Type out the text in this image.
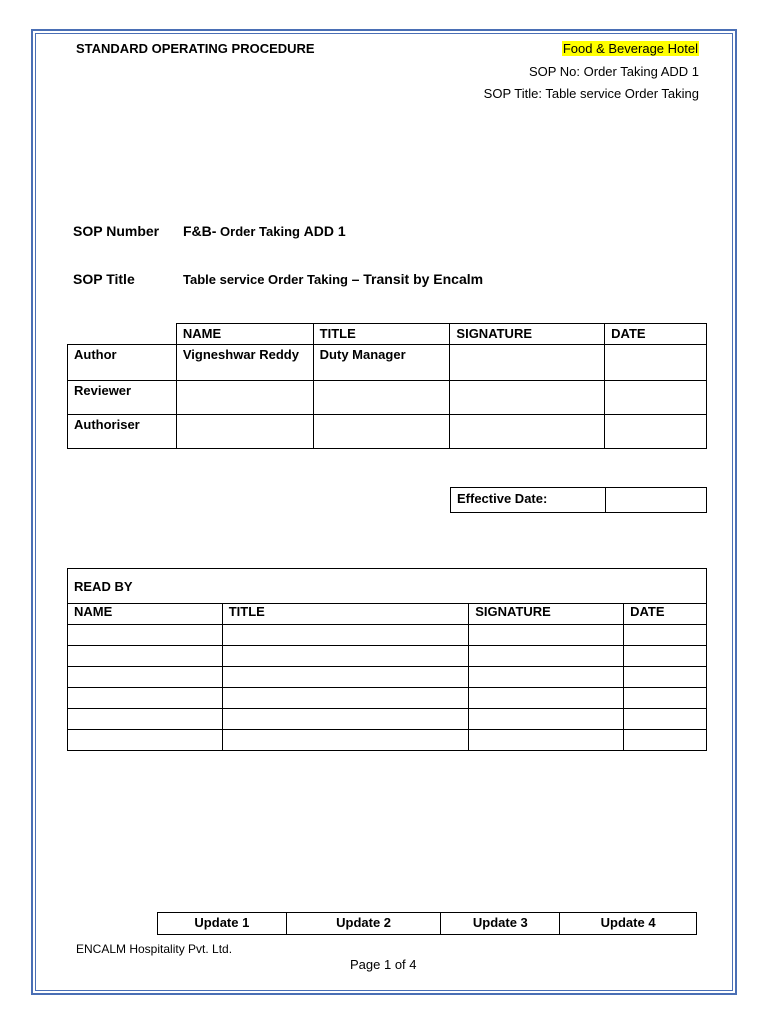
STANDARD OPERATING PROCEDURE	Food & Beverage Hotel
SOP No: Order Taking ADD 1
SOP Title: Table service Order Taking
SOP Number F&B- Order Taking ADD 1
SOP Title	Table service Order Taking – Transit by Encalm
	NAME	TITLE	SIGNATURE	DATE
Author	Vigneshwar Reddy	Duty Manager		
Reviewer				
Authoriser				
Effective Date:	
READ BY			
NAME	TITLE	SIGNATURE	DATE

Update 1	Update 2	Update 3	Update 4
ENCALM Hospitality Pvt. Ltd.
Page 1 of 4
